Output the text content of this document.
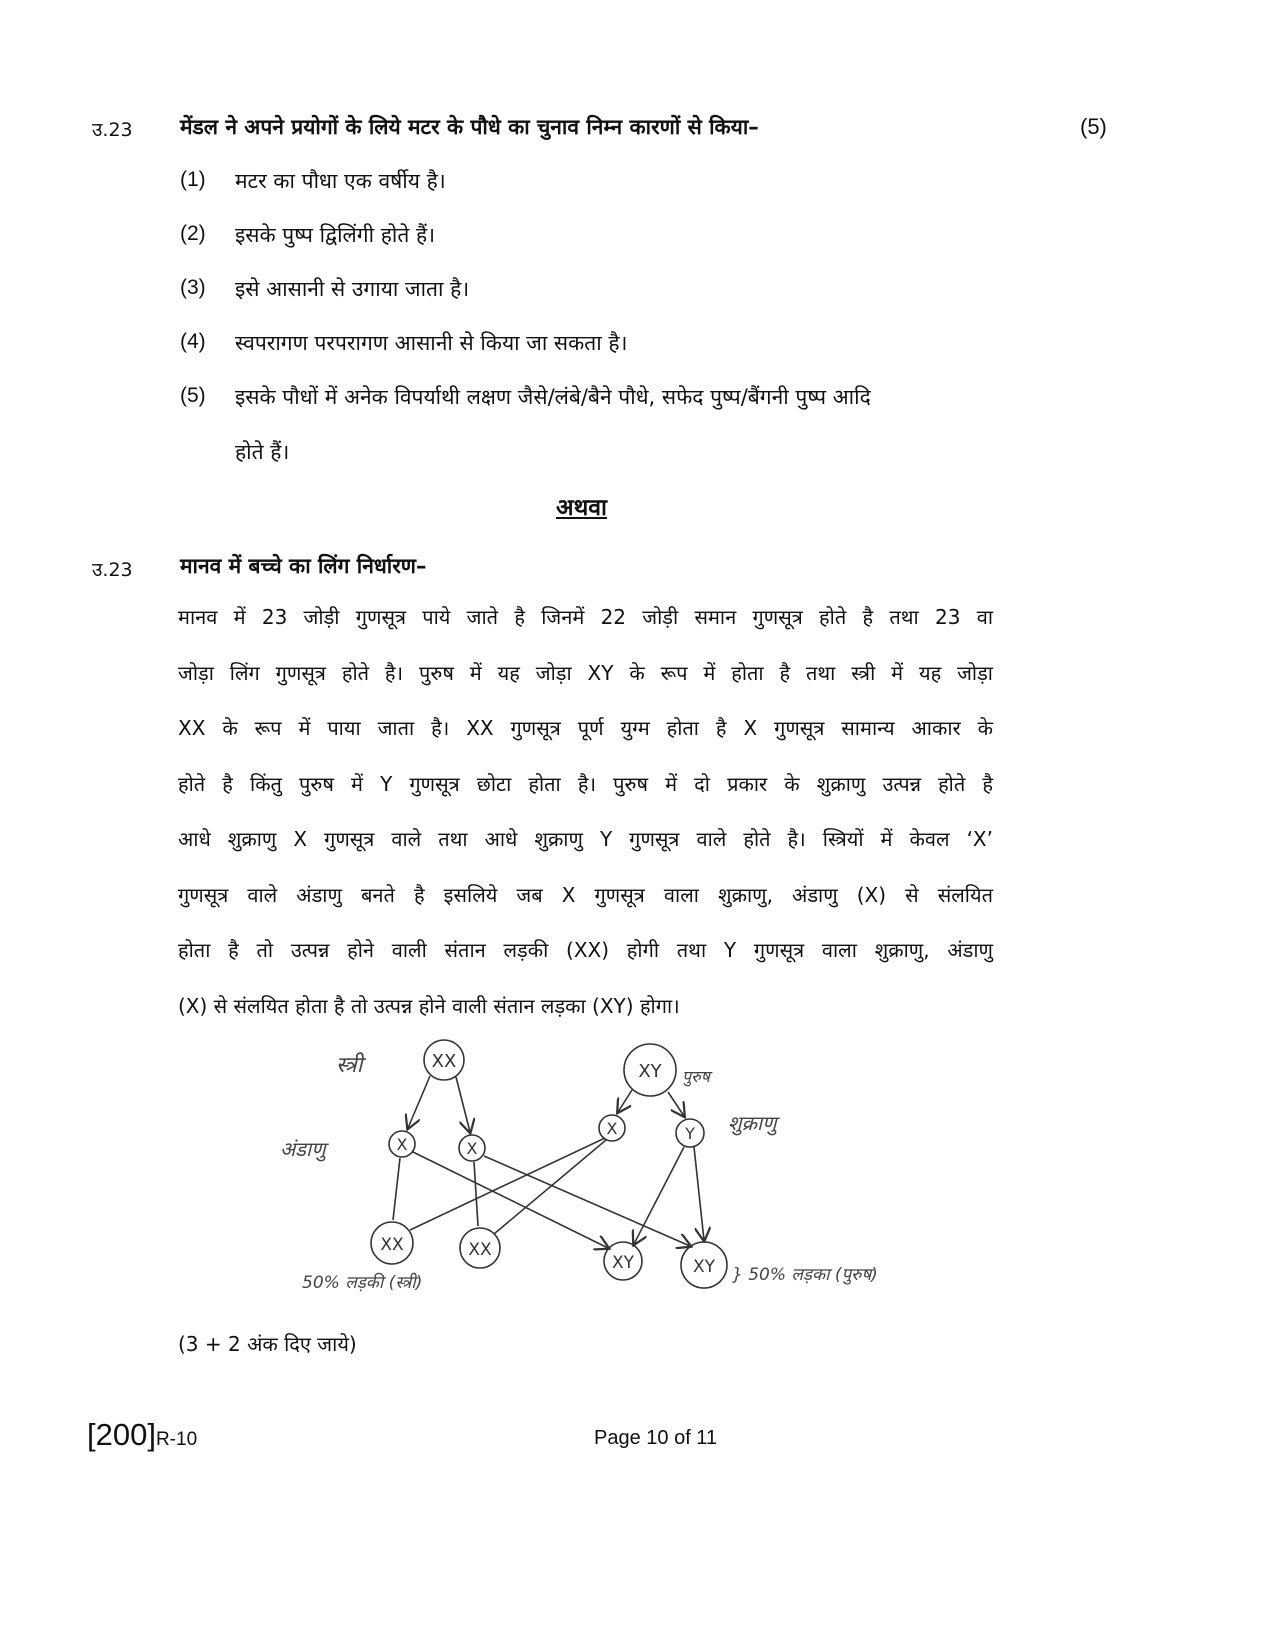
उ.23 मेंडल ने अपने प्रयोगों के लिये मटर के पौधे का चुनाव निम्न कारणों से किया–	(5)
(1) मटर का पौधा एक वर्षीय है।
(2) इसके पुष्प द्विलिंगी होते हैं।
(3) इसे आसानी से उगाया जाता है।
(4) स्वपरागण परपरागण आसानी से किया जा सकता है।
(5) इसके पौधों में अनेक विपर्याथी लक्षण जैसे/लंबे/बैने पौधे, सफेद पुष्प/बैंगनी पुष्प आदि
होते हैं।
अथवा
उ.23 मानव में बच्चे का लिंग निर्धारण–
मानव में 23 जोड़ी गुणसूत्र पाये जाते है जिनमें 22 जोड़ी समान गुणसूत्र होते है तथा 23 वा
जोड़ा लिंग गुणसूत्र होते है। पुरुष में यह जोड़ा XY के रूप में होता है तथा स्त्री में यह जोड़ा
XX के रूप में पाया जाता है। XX गुणसूत्र पूर्ण युग्म होता है X गुणसूत्र सामान्य आकार के
होते है किंतु पुरुष में Y गुणसूत्र छोटा होता है। पुरुष में दो प्रकार के शुक्राणु उत्पन्न होते है
आधे शुक्राणु X गुणसूत्र वाले तथा आधे शुक्राणु Y गुणसूत्र वाले होते है। स्त्रियों में केवल ‘X’
गुणसूत्र वाले अंडाणु बनते है इसलिये जब X गुणसूत्र वाला शुक्राणु, अंडाणु (X) से संलयित
होता है तो उत्पन्न होने वाली संतान लड़की (XX) होगी तथा Y गुणसूत्र वाला शुक्राणु, अंडाणु
(X) से संलयित होता है तो उत्पन्न होने वाली संतान लड़का (XY) होगा।
स्त्री	पुरुष
अंडाणु
शुक्राणु
XX	XY
X	X
X	Y
XX	XX
XY	XY
50% लड़की (स्त्री)	} 50% लड़का (पुरुष)
(3 + 2 अंक दिए जाये)
[200]R-10	Page 10 of 11
